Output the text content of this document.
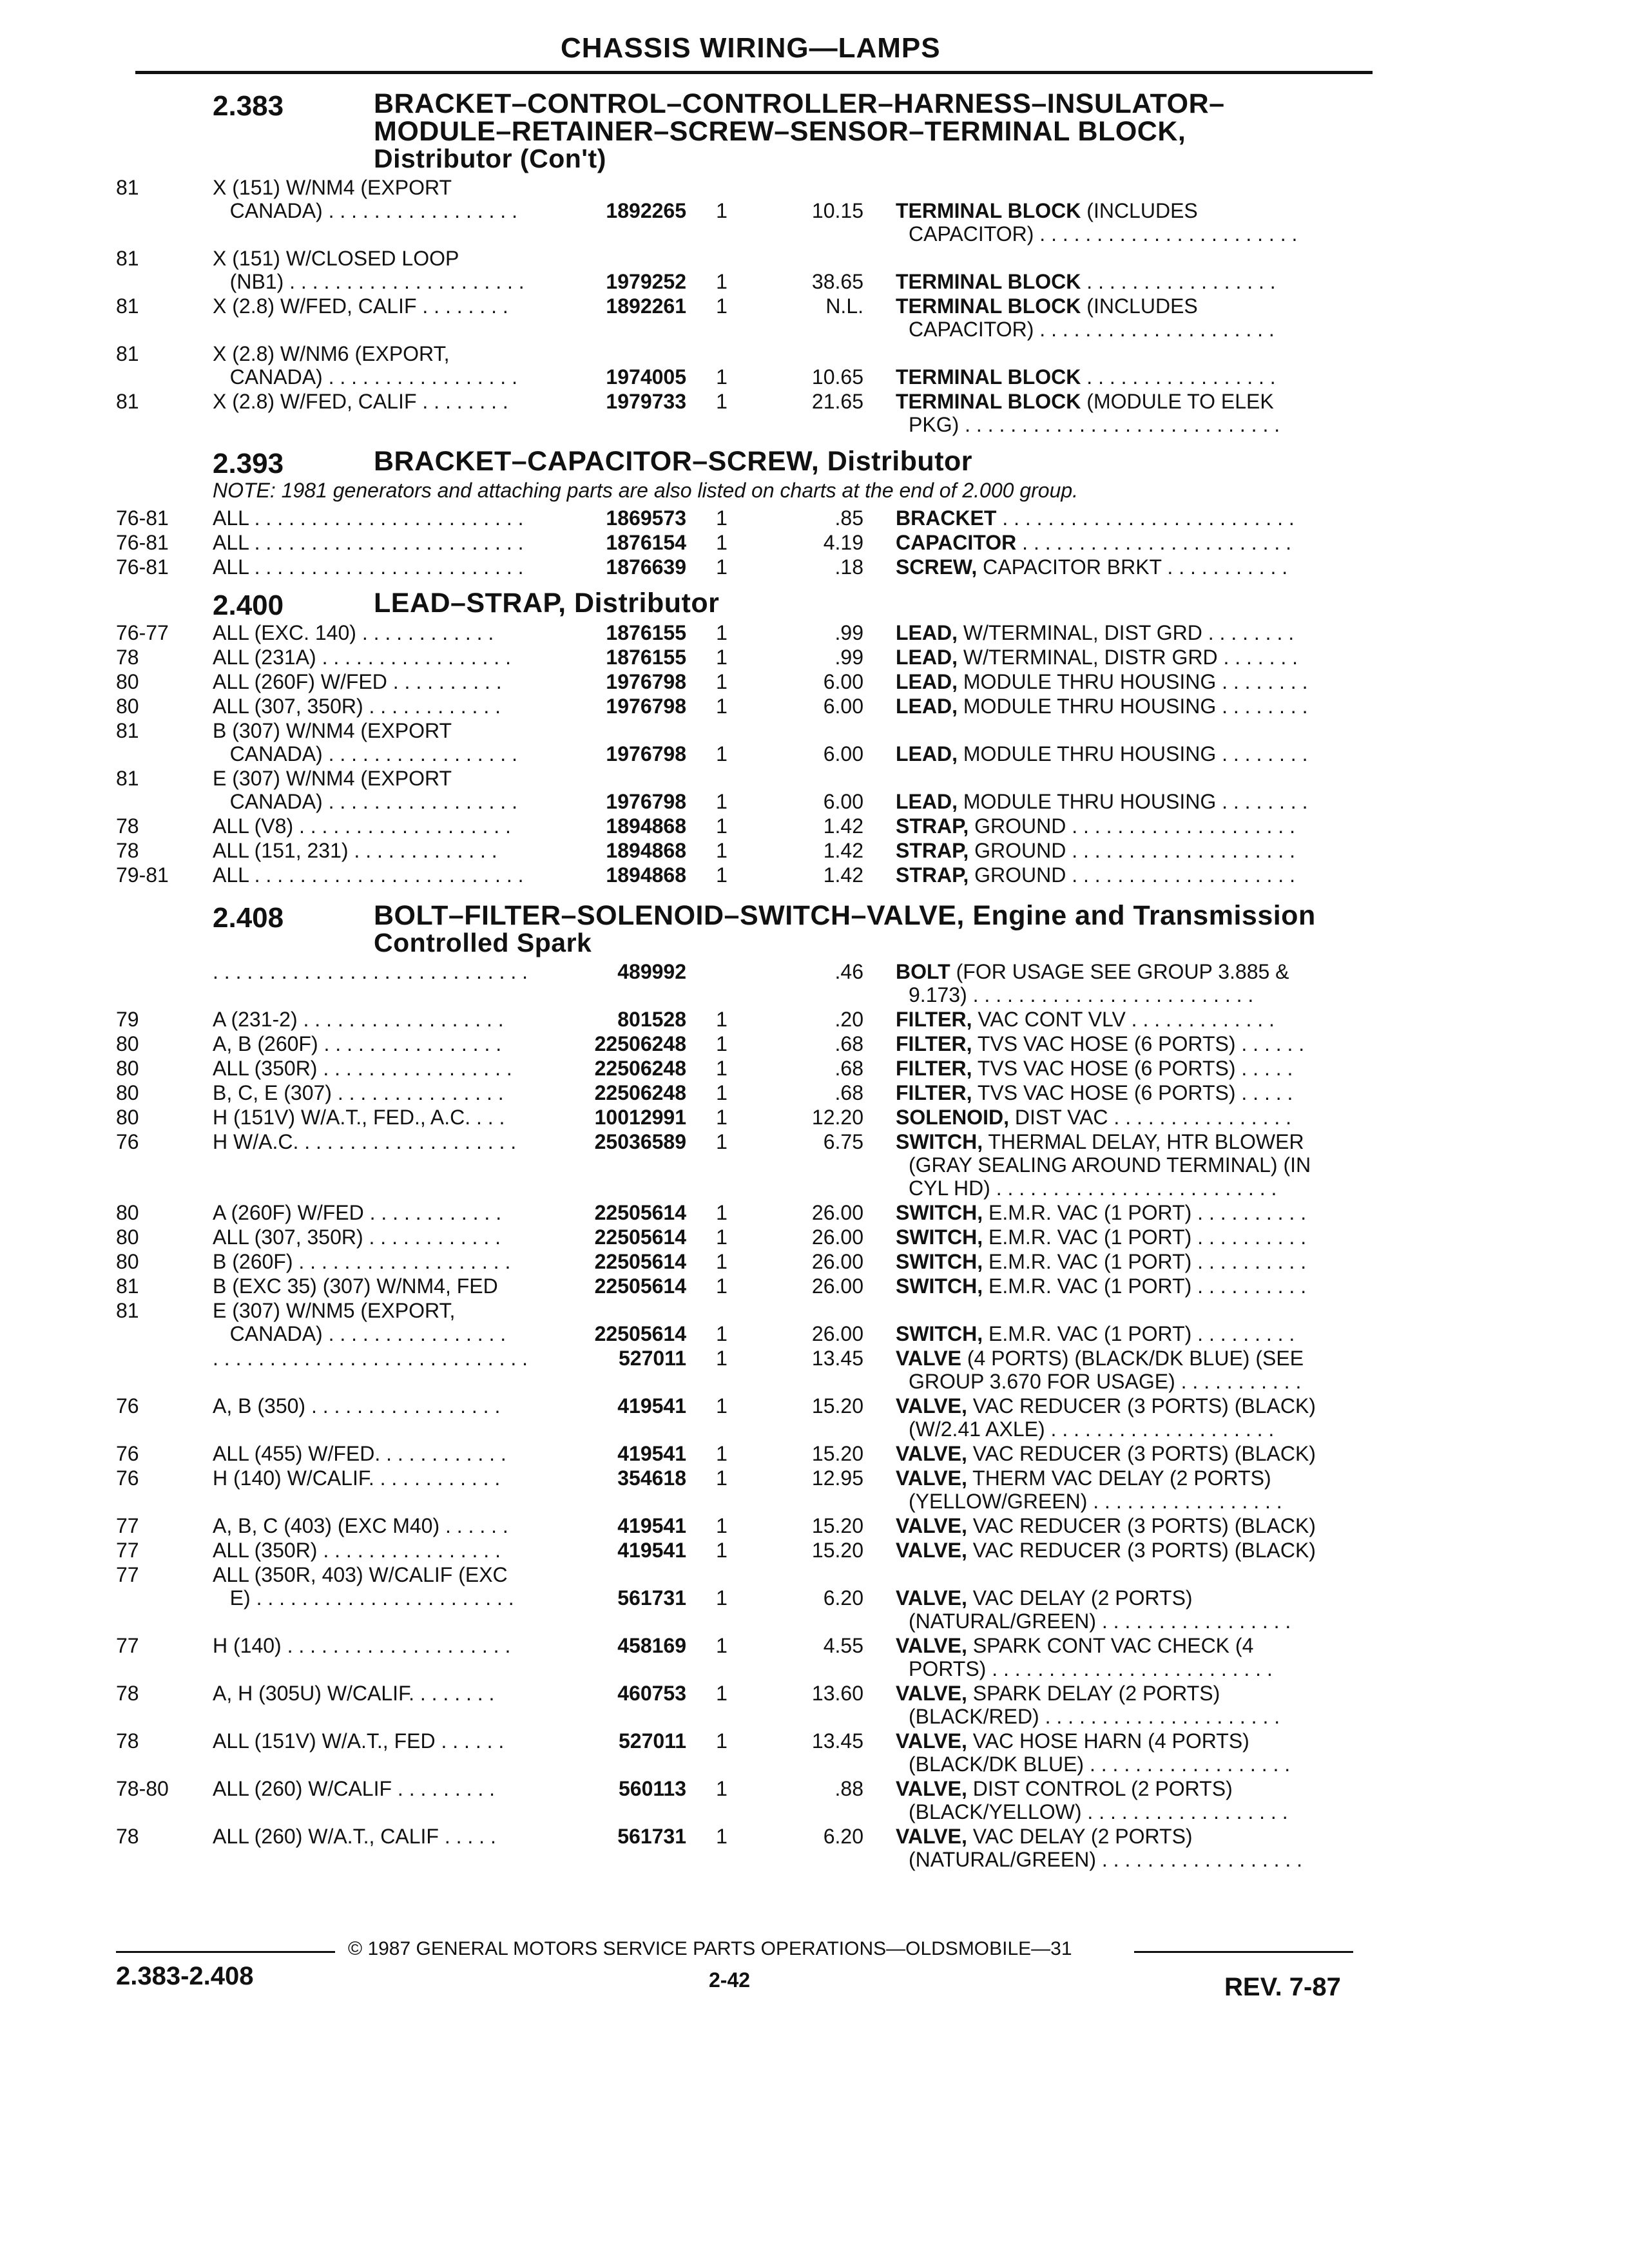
CHASSIS WIRING—LAMPS
2.383	BRACKET–CONTROL–CONTROLLER–HARNESS–INSULATOR–
MODULE–RETAINER–SCREW–SENSOR–TERMINAL BLOCK,
Distributor (Con't)
81	X (151) W/NM4 (EXPORT
CANADA) . . . . . . . . . . . . . . . . .	1892265 1	10.15 TERMINAL BLOCK (INCLUDES
CAPACITOR) . . . . . . . . . . . . . . . . . . . . . . .
81	X (151) W/CLOSED LOOP
(NB1) . . . . . . . . . . . . . . . . . . . . .	1979252 1	38.65 TERMINAL BLOCK . . . . . . . . . . . . . . . . .
81	X (2.8) W/FED, CALIF . . . . . . . .	1892261 1	N.L. TERMINAL BLOCK (INCLUDES
CAPACITOR) . . . . . . . . . . . . . . . . . . . . .
81	X (2.8) W/NM6 (EXPORT,
CANADA) . . . . . . . . . . . . . . . . .	1974005 1	10.65 TERMINAL BLOCK . . . . . . . . . . . . . . . . .
81	X (2.8) W/FED, CALIF . . . . . . . .	1979733 1	21.65 TERMINAL BLOCK (MODULE TO ELEK
PKG) . . . . . . . . . . . . . . . . . . . . . . . . . . . .
2.393	BRACKET–CAPACITOR–SCREW, Distributor
NOTE: 1981 generators and attaching parts are also listed on charts at the end of 2.000 group.
76-81	ALL . . . . . . . . . . . . . . . . . . . . . . . .	1869573 1	.85 BRACKET . . . . . . . . . . . . . . . . . . . . . . . . . .
76-81	ALL . . . . . . . . . . . . . . . . . . . . . . . .	1876154 1	4.19 CAPACITOR . . . . . . . . . . . . . . . . . . . . . . . .
76-81	ALL . . . . . . . . . . . . . . . . . . . . . . . .	1876639 1	.18 SCREW, CAPACITOR BRKT . . . . . . . . . . .
2.400	LEAD–STRAP, Distributor
76-77	ALL (EXC. 140) . . . . . . . . . . . .	1876155 1	.99 LEAD, W/TERMINAL, DIST GRD . . . . . . . .
78	ALL (231A) . . . . . . . . . . . . . . . . .	1876155 1	.99 LEAD, W/TERMINAL, DISTR GRD . . . . . . .
80	ALL (260F) W/FED . . . . . . . . . .	1976798 1	6.00 LEAD, MODULE THRU HOUSING . . . . . . . .
80	ALL (307, 350R) . . . . . . . . . . . .	1976798 1	6.00 LEAD, MODULE THRU HOUSING . . . . . . . .
81	B (307) W/NM4 (EXPORT
CANADA) . . . . . . . . . . . . . . . . .	1976798 1	6.00 LEAD, MODULE THRU HOUSING . . . . . . . .
81	E (307) W/NM4 (EXPORT
CANADA) . . . . . . . . . . . . . . . . .	1976798 1	6.00 LEAD, MODULE THRU HOUSING . . . . . . . .
78	ALL (V8) . . . . . . . . . . . . . . . . . . .	1894868 1	1.42 STRAP, GROUND . . . . . . . . . . . . . . . . . . . .
78	ALL (151, 231) . . . . . . . . . . . . .	1894868 1	1.42 STRAP, GROUND . . . . . . . . . . . . . . . . . . . .
79-81	ALL . . . . . . . . . . . . . . . . . . . . . . . .	1894868 1	1.42 STRAP, GROUND . . . . . . . . . . . . . . . . . . . .
2.408	BOLT–FILTER–SOLENOID–SWITCH–VALVE, Engine and Transmission
Controlled Spark
. . . . . . . . . . . . . . . . . . . . . . . . . . . .	489992	.46 BOLT (FOR USAGE SEE GROUP 3.885 &
9.173) . . . . . . . . . . . . . . . . . . . . . . . . .
79	A (231-2) . . . . . . . . . . . . . . . . . .	801528 1	.20 FILTER, VAC CONT VLV . . . . . . . . . . . . .
80	A, B (260F) . . . . . . . . . . . . . . . .	22506248 1	.68 FILTER, TVS VAC HOSE (6 PORTS) . . . . . .
80	ALL (350R) . . . . . . . . . . . . . . . . .	22506248 1	.68 FILTER, TVS VAC HOSE (6 PORTS) . . . . .
80	B, C, E (307) . . . . . . . . . . . . . . .	22506248 1	.68 FILTER, TVS VAC HOSE (6 PORTS) . . . . .
80	H (151V) W/A.T., FED., A.C. . . .	10012991 1	12.20 SOLENOID, DIST VAC . . . . . . . . . . . . . . . .
76	H W/A.C. . . . . . . . . . . . . . . . . . . .	25036589 1	6.75 SWITCH, THERMAL DELAY, HTR BLOWER
(GRAY SEALING AROUND TERMINAL) (IN
CYL HD) . . . . . . . . . . . . . . . . . . . . . . . . .
80	A (260F) W/FED . . . . . . . . . . . .	22505614 1	26.00 SWITCH, E.M.R. VAC (1 PORT) . . . . . . . . . .
80	ALL (307, 350R) . . . . . . . . . . . .	22505614 1	26.00 SWITCH, E.M.R. VAC (1 PORT) . . . . . . . . . .
80	B (260F) . . . . . . . . . . . . . . . . . . .	22505614 1	26.00 SWITCH, E.M.R. VAC (1 PORT) . . . . . . . . . .
81	B (EXC 35) (307) W/NM4, FED	22505614 1	26.00 SWITCH, E.M.R. VAC (1 PORT) . . . . . . . . . .
81	E (307) W/NM5 (EXPORT,
CANADA) . . . . . . . . . . . . . . . .	22505614 1	26.00 SWITCH, E.M.R. VAC (1 PORT) . . . . . . . . .
. . . . . . . . . . . . . . . . . . . . . . . . . . . .	527011 1	13.45 VALVE (4 PORTS) (BLACK/DK BLUE) (SEE
GROUP 3.670 FOR USAGE) . . . . . . . . . . .
76	A, B (350) . . . . . . . . . . . . . . . . .	419541 1	15.20 VALVE, VAC REDUCER (3 PORTS) (BLACK)
(W/2.41 AXLE) . . . . . . . . . . . . . . . . . . . .
76	ALL (455) W/FED. . . . . . . . . . . .	419541 1	15.20 VALVE, VAC REDUCER (3 PORTS) (BLACK)
76	H (140) W/CALIF. . . . . . . . . . . .	354618 1	12.95 VALVE, THERM VAC DELAY (2 PORTS)
(YELLOW/GREEN) . . . . . . . . . . . . . . . . .
77	A, B, C (403) (EXC M40) . . . . . .	419541 1	15.20 VALVE, VAC REDUCER (3 PORTS) (BLACK)
77	ALL (350R) . . . . . . . . . . . . . . . .	419541 1	15.20 VALVE, VAC REDUCER (3 PORTS) (BLACK)
77	ALL (350R, 403) W/CALIF (EXC
E) . . . . . . . . . . . . . . . . . . . . . . .	561731 1	6.20 VALVE, VAC DELAY (2 PORTS)
(NATURAL/GREEN) . . . . . . . . . . . . . . . . .
77	H (140) . . . . . . . . . . . . . . . . . . . .	458169 1	4.55 VALVE, SPARK CONT VAC CHECK (4
PORTS) . . . . . . . . . . . . . . . . . . . . . . . . .
78	A, H (305U) W/CALIF. . . . . . . .	460753 1	13.60 VALVE, SPARK DELAY (2 PORTS)
(BLACK/RED) . . . . . . . . . . . . . . . . . . . . .
78	ALL (151V) W/A.T., FED . . . . . .	527011 1	13.45 VALVE, VAC HOSE HARN (4 PORTS)
(BLACK/DK BLUE) . . . . . . . . . . . . . . . . . .
78-80	ALL (260) W/CALIF . . . . . . . . .	560113 1	.88 VALVE, DIST CONTROL (2 PORTS)
(BLACK/YELLOW) . . . . . . . . . . . . . . . . . .
78	ALL (260) W/A.T., CALIF . . . . .	561731 1	6.20 VALVE, VAC DELAY (2 PORTS)
(NATURAL/GREEN) . . . . . . . . . . . . . . . . . .
© 1987 GENERAL MOTORS SERVICE PARTS OPERATIONS—OLDSMOBILE—31
2.383-2.408	2-42	REV. 7-87
